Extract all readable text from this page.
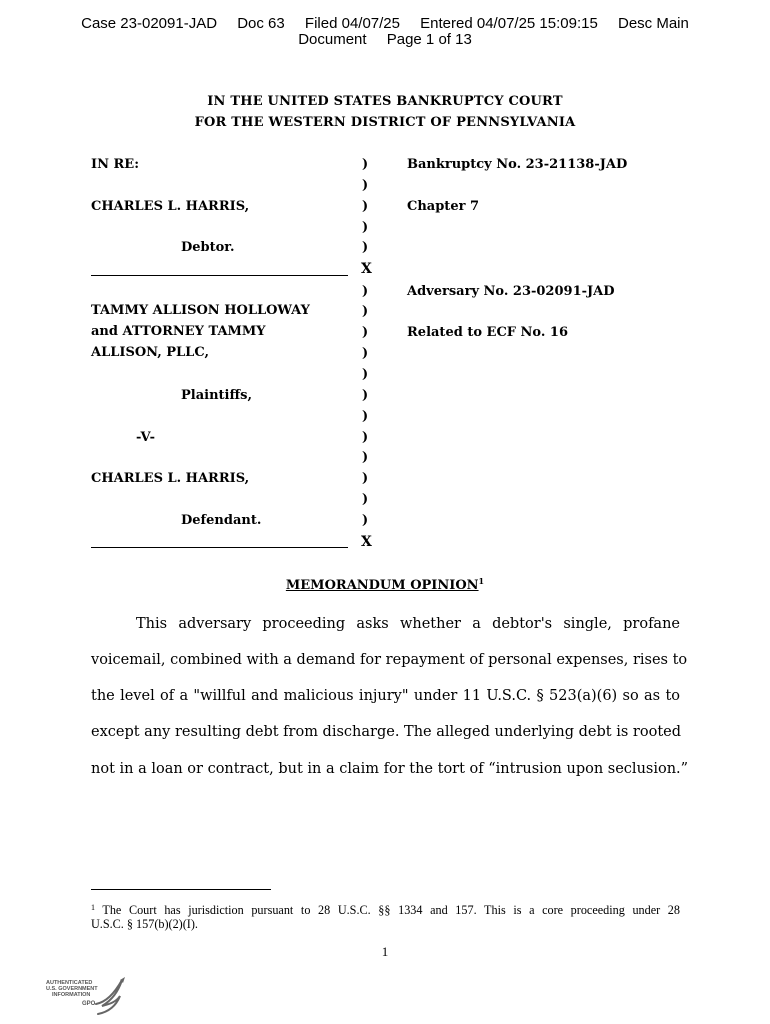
Case 23-02091-JAD Doc 63 Filed 04/07/25 Entered 04/07/25 15:09:15 Desc Main
Document Page 1 of 13
IN THE UNITED STATES BANKRUPTCY COURT
FOR THE WESTERN DISTRICT OF PENNSYLVANIA
IN RE:
CHARLES L. HARRIS,
Debtor.
TAMMY ALLISON HOLLOWAY
and ATTORNEY TAMMY
ALLISON, PLLC,
Plaintiffs,
-V-
CHARLES L. HARRIS,
Defendant.
)
)
)
)
)
X
)
)
)
)
)
)
)
)
)
)
)
)
X
Bankruptcy No. 23-21138-JAD
Chapter 7
Adversary No. 23-02091-JAD
Related to ECF No. 16
MEMORANDUM OPINION$^1$
This adversary proceeding asks whether a debtor's single, profane
voicemail, combined with a demand for repayment of personal expenses, rises to
the level of a "willful and malicious injury" under 11 U.S.C. § 523(a)(6) so as to
except any resulting debt from discharge. The alleged underlying debt is rooted
not in a loan or contract, but in a claim for the tort of “intrusion upon seclusion.”
$^1$ The Court has jurisdiction pursuant to 28 U.S.C. §§ 1334 and 157. This is a core proceeding under 28
U.S.C. § 157(b)(2)(I).
1
AUTHENTICATED
U.S. GOVERNMENT
INFORMATION
GPO
